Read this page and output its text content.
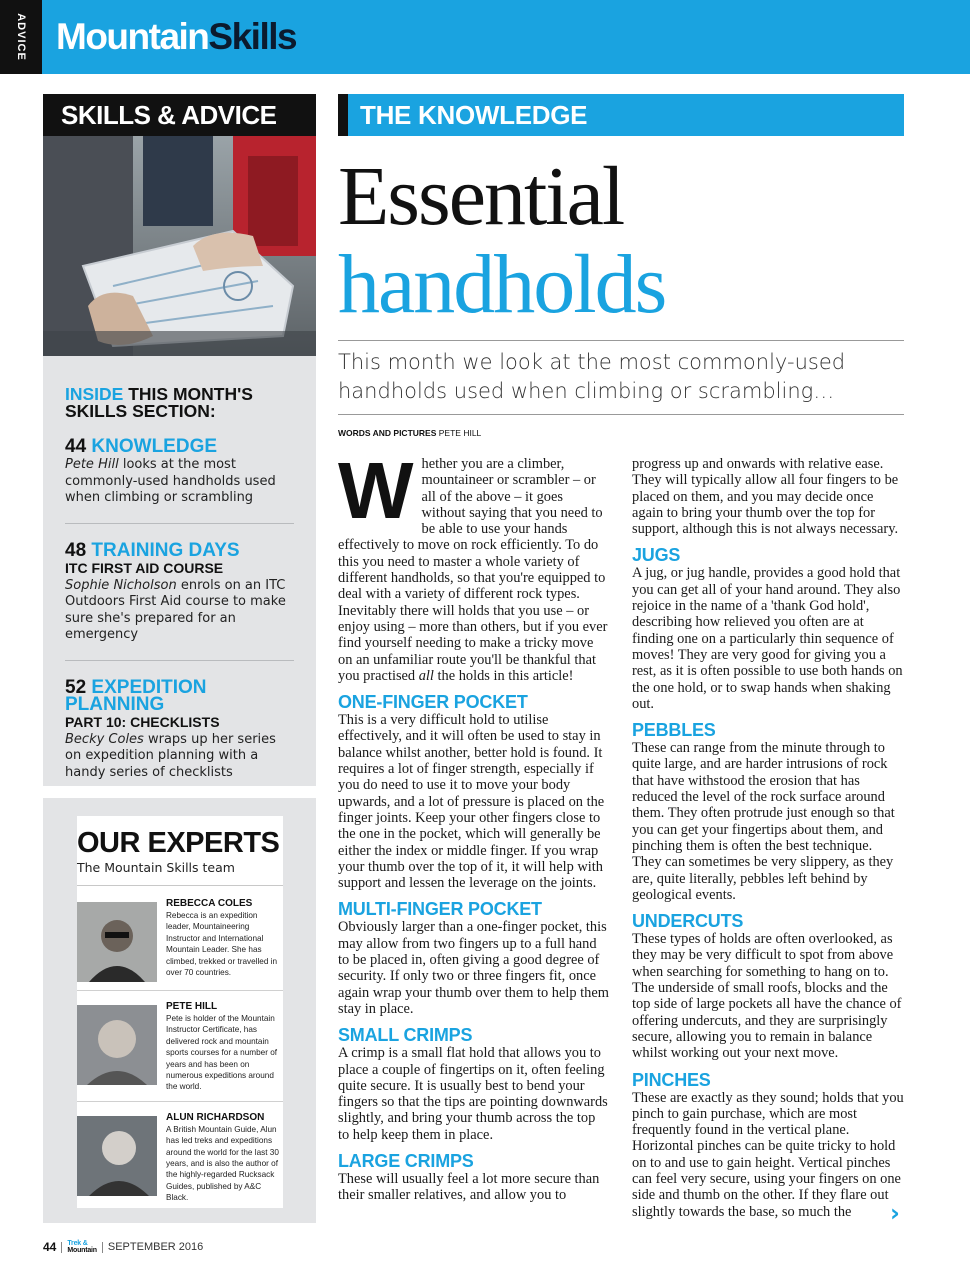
ADVICE MountainSkills
SKILLS & ADVICE
INSIDE THIS MONTH'S SKILLS SECTION:
44 KNOWLEDGE
Pete Hill looks at the most commonly-used handholds used when climbing or scrambling
48 TRAINING DAYS
ITC FIRST AID COURSE
Sophie Nicholson enrols on an ITC Outdoors First Aid course to make sure she's prepared for an emergency
52 EXPEDITION PLANNING
PART 10: CHECKLISTS
Becky Coles wraps up her series on expedition planning with a handy series of checklists
OUR EXPERTS
The Mountain Skills team
REBECCA COLES
Rebecca is an expedition leader, Mountaineering Instructor and International Mountain Leader. She has climbed, trekked or travelled in over 70 countries.
PETE HILL
Pete is holder of the Mountain Instructor Certificate, has delivered rock and mountain sports courses for a number of years and has been on numerous expeditions around the world.
ALUN RICHARDSON
A British Mountain Guide, Alun has led treks and expeditions around the world for the last 30 years, and is also the author of the highly-regarded Rucksack Guides, published by A&C Black.
THE KNOWLEDGE
Essential
handholds
This month we look at the most commonly-used handholds used when climbing or scrambling…
WORDS AND PICTURES PETE HILL

Whether you are a climber, mountaineer or scrambler – or all of the above – it goes without saying that you need to be able to use your hands effectively to move on rock efficiently. To do this you need to master a whole variety of different handholds, so that you're equipped to deal with a variety of different rock types. Inevitably there will holds that you use – or enjoy using – more than others, but if you ever find yourself needing to make a tricky move on an unfamiliar route you'll be thankful that you practised all the holds in this article!

ONE-FINGER POCKET

This is a very difficult hold to utilise effectively, and it will often be used to stay in balance whilst another, better hold is found. It requires a lot of finger strength, especially if you do need to use it to move your body upwards, and a lot of pressure is placed on the finger joints. Keep your other fingers close to the one in the pocket, which will generally be either the index or middle finger. If you wrap your thumb over the top of it, it will help with support and lessen the leverage on the joints.

MULTI-FINGER POCKET

Obviously larger than a one-finger pocket, this may allow from two fingers up to a full hand to be placed in, often giving a good degree of security. If only two or three fingers fit, once again wrap your thumb over them to help them stay in place.

SMALL CRIMPS

A crimp is a small flat hold that allows you to place a couple of fingertips on it, often feeling quite secure. It is usually best to bend your fingers so that the tips are pointing downwards slightly, and bring your thumb across the top to help keep them in place.

LARGE CRIMPS

These will usually feel a lot more secure than their smaller relatives, and allow you to

progress up and onwards with relative ease. They will typically allow all four fingers to be placed on them, and you may decide once again to bring your thumb over the top for support, although this is not always necessary.

JUGS

A jug, or jug handle, provides a good hold that you can get all of your hand around. They also rejoice in the name of a 'thank God hold', describing how relieved you often are at finding one on a particularly thin sequence of moves! They are very good for giving you a rest, as it is often possible to use both hands on the one hold, or to swap hands when shaking out.

PEBBLES

These can range from the minute through to quite large, and are harder intrusions of rock that have withstood the erosion that has reduced the level of the rock surface around them. They often protrude just enough so that you can get your fingertips about them, and pinching them is often the best technique. They can sometimes be very slippery, as they are, quite literally, pebbles left behind by geological events.

UNDERCUTS

These types of holds are often overlooked, as they may be very difficult to spot from above when searching for something to hang on to. The underside of small roofs, blocks and the top side of large pockets all have the chance of offering undercuts, and they are surprisingly secure, allowing you to remain in balance whilst working out your next move.

PINCHES

These are exactly as they sound; holds that you pinch to gain purchase, which are most frequently found in the vertical plane. Horizontal pinches can be quite tricky to hold on to and use to gain height. Vertical pinches can feel very secure, using your fingers on one side and thumb on the other. If they flare out slightly towards the base, so much the	›
44 Trek &
Mountain SEPTEMBER 2016
